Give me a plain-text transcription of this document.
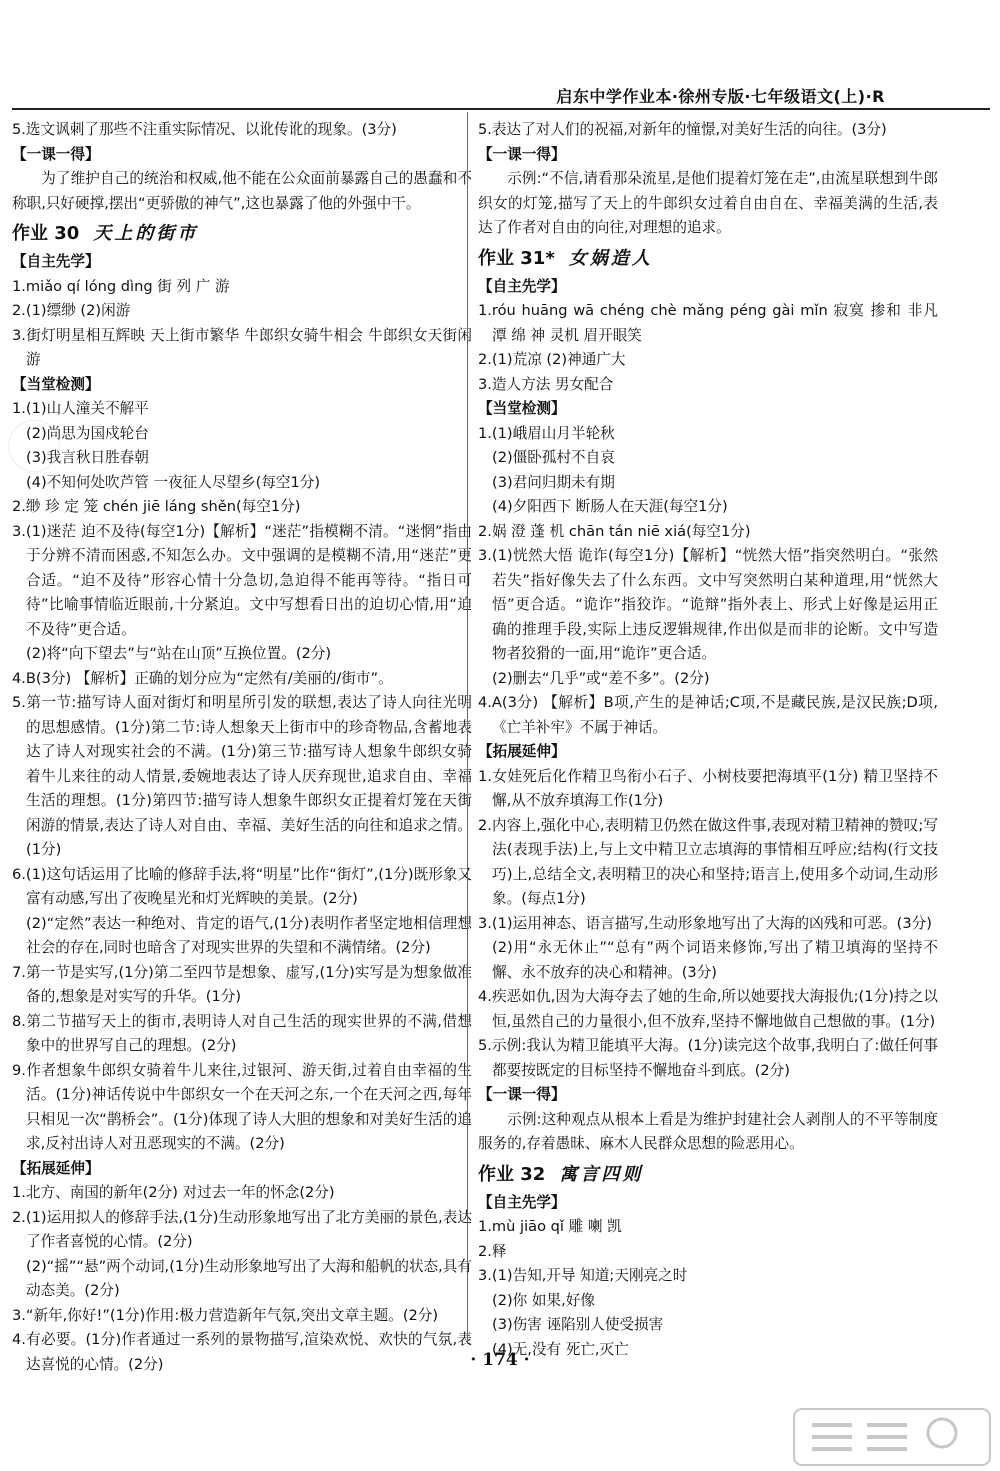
启东中学作业本·徐州专版·七年级语文(上)·R
5.选文讽刺了那些不注重实际情况、以讹传讹的现象。(3分)
【 一课一得 】
为了维护自己的统治和权威,他不能在公众面前暴露自己的愚蠢和不称职,只好硬撑,摆出“更骄傲的神气”,这也暴露了他的外强中干。
作业 30 天上的街市
【 自主先学 】
1.miǎo qí lóng dìng 街 列 广 游
2.(1)缥缈 (2)闲游
3.街灯明星相互辉映 天上街市繁华 牛郎织女骑牛相会 牛郎织女天街闲游
【 当堂检测 】
1.(1)山人潼关不解平
(2)尚思为国戍轮台
(3)我言秋日胜春朝
(4)不知何处吹芦管 一夜征人尽望乡(每空1分)
2.缈 珍 定 笼 chén jiē láng shěn(每空1分)
3.(1)迷茫 迫不及待(每空1分)【解析】“迷茫”指模糊不清。“迷惘”指由于分辨不清而困惑,不知怎么办。文中强调的是模糊不清,用“迷茫”更合适。“迫不及待”形容心情十分急切,急迫得不能再等待。“指日可待”比喻事情临近眼前,十分紧迫。文中写想看日出的迫切心情,用“迫不及待”更合适。
(2)将“向下望去”与“站在山顶”互换位置。(2分)
4.B(3分) 【解析】正确的划分应为“定然有/美丽的/街市”。
5.第一节:描写诗人面对街灯和明星所引发的联想,表达了诗人向往光明的思想感情。(1分)第二节:诗人想象天上街市中的珍奇物品,含蓄地表达了诗人对现实社会的不满。(1分)第三节:描写诗人想象牛郎织女骑着牛儿来往的动人情景,委婉地表达了诗人厌弃现世,追求自由、幸福生活的理想。(1分)第四节:描写诗人想象牛郎织女正提着灯笼在天街闲游的情景,表达了诗人对自由、幸福、美好生活的向往和追求之情。(1分)
6.(1)这句话运用了比喻的修辞手法,将“明星”比作“街灯”,(1分)既形象又富有动感,写出了夜晚星光和灯光辉映的美景。(2分)
(2)“定然”表达一种绝对、肯定的语气,(1分)表明作者坚定地相信理想社会的存在,同时也暗含了对现实世界的失望和不满情绪。(2分)
7.第一节是实写,(1分)第二至四节是想象、虚写,(1分)实写是为想象做准备的,想象是对实写的升华。(1分)
8.第二节描写天上的街市,表明诗人对自己生活的现实世界的不满,借想象中的世界写自己的理想。(2分)
9.作者想象牛郎织女骑着牛儿来往,过银河、游天街,过着自由幸福的生活。(1分)神话传说中牛郎织女一个在天河之东,一个在天河之西,每年只相见一次“鹊桥会”。(1分)体现了诗人大胆的想象和对美好生活的追求,反衬出诗人对丑恶现实的不满。(2分)
【 拓展延伸 】
1.北方、南国的新年(2分) 对过去一年的怀念(2分)
2.(1)运用拟人的修辞手法,(1分)生动形象地写出了北方美丽的景色,表达了作者喜悦的心情。(2分)
(2)“摇”“悬”两个动词,(1分)生动形象地写出了大海和船帆的状态,具有动态美。(2分)
3.“新年,你好!”(1分)作用:极力营造新年气氛,突出文章主题。(2分)
4.有必要。(1分)作者通过一系列的景物描写,渲染欢悦、欢快的气氛,表达喜悦的心情。(2分)
5.表达了对人们的祝福,对新年的憧憬,对美好生活的向往。(3分)
【 一课一得 】
示例:“不信,请看那朵流星,是他们提着灯笼在走”,由流星联想到牛郎织女的灯笼,描写了天上的牛郎织女过着自由自在、幸福美满的生活,表达了作者对自由的向往,对理想的追求。
作业 31* 女娲造人
【 自主先学 】
1.róu huāng wā chéng chè mǎng péng gài mǐn 寂寞 掺和 非凡 潭 绵 神 灵机 眉开眼笑
2.(1)荒凉 (2)神通广大
3.造人方法 男女配合
【 当堂检测 】
1.(1)峨眉山月半轮秋
(2)僵卧孤村不自哀
(3)君问归期未有期
(4)夕阳西下 断肠人在天涯(每空1分)
2.娲 澄 蓬 机 chān tán niē xiá(每空1分)
3.(1)恍然大悟 诡诈(每空1分)【解析】“恍然大悟”指突然明白。“张然若失”指好像失去了什么东西。文中写突然明白某种道理,用“恍然大悟”更合适。“诡诈”指狡诈。“诡辩”指外表上、形式上好像是运用正确的推理手段,实际上违反逻辑规律,作出似是而非的论断。文中写造物者狡猾的一面,用“诡诈”更合适。
(2)删去“几乎”或“差不多”。(2分)
4.A(3分) 【解析】B项,产生的是神话;C项,不是藏民族,是汉民族;D项,《亡羊补牢》不属于神话。
【 拓展延伸 】
1.女娃死后化作精卫鸟衔小石子、小树枝要把海填平(1分) 精卫坚持不懈,从不放弃填海工作(1分)
2.内容上,强化中心,表明精卫仍然在做这件事,表现对精卫精神的赞叹;写法(表现手法)上,与上文中精卫立志填海的事情相互呼应;结构(行文技巧)上,总结全文,表明精卫的决心和坚持;语言上,使用多个动词,生动形象。(每点1分)
3.(1)运用神态、语言描写,生动形象地写出了大海的凶残和可恶。(3分)
(2)用“永无休止”“总有”两个词语来修饰,写出了精卫填海的坚持不懈、永不放弃的决心和精神。(3分)
4.疾恶如仇,因为大海夺去了她的生命,所以她要找大海报仇;(1分)持之以恒,虽然自己的力量很小,但不放弃,坚持不懈地做自己想做的事。(1分)
5.示例:我认为精卫能填平大海。(1分)读完这个故事,我明白了:做任何事都要按既定的目标坚持不懈地奋斗到底。(2分)
【 一课一得 】
示例:这种观点从根本上看是为维护封建社会人剥削人的不平等制度服务的,存着愚昧、麻木人民群众思想的险恶用心。
作业 32 寓言四则
【 自主先学 】
1.mù jiāo qǐ 雕 喇 凯
2.释
3.(1)告知,开导 知道;天刚亮之时
(2)你 如果,好像
(3)伤害 诬陷别人使受损害
(4)无,没有 死亡,灭亡
· 174 ·
